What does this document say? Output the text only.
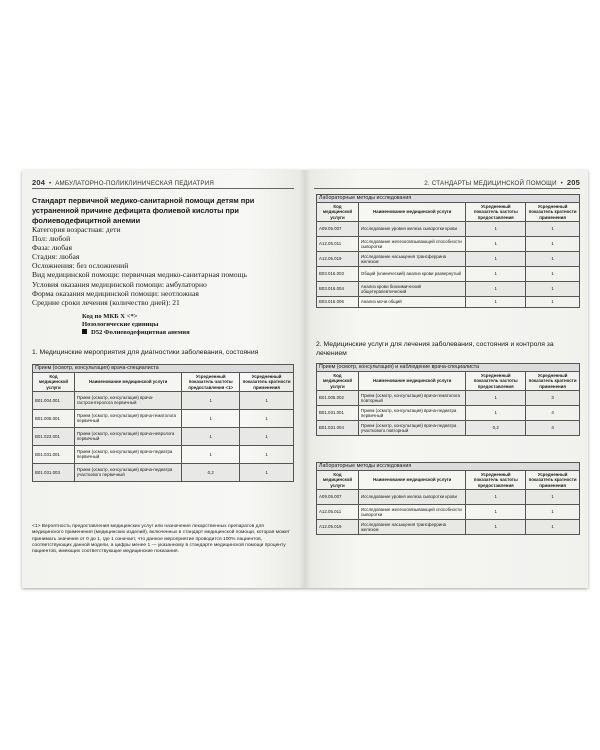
204  •  АМБУЛАТОРНО-ПОЛИКЛИНИЧЕСКАЯ ПЕДИАТРИЯ
Стандарт первичной медико-санитарной помощи детям при устраненной причине дефицита фолиевой кислоты при фолиеводефицитной анемии
Категория возрастная: дети
Пол: любой
Фаза: любая
Стадия: любая
Осложнения: без осложнений
Вид медицинской помощи: первичная медико-санитарная помощь
Условия оказания медицинской помощи: амбулаторно
Форма оказания медицинской помощи: неотложная
Средние сроки лечения (количество дней): 21
Код по МКБ X <*>
Нозологические единицы
D52 Фолиеводефицитная анемия
1. Медицинские мероприятия для диагностики заболевания, состояния
Прием (осмотр, консультация) врача-специалиста			
Код медицинской услуги	Наименование медицинской услуги	Усредненный показатель частоты предоставления <1>	Усредненный показатель кратности применения
B01.004.001	Прием (осмотр, консультация) врача-гастроэнтеролога первичный	1	1
B01.005.001	Прием (осмотр, консультация) врача-гематолога первичный	1	1
B01.023.001	Прием (осмотр, консультация) врача-невролога первичный	1	1
B01.031.001	Прием (осмотр, консультация) врача-педиатра первичный	1	1
B01.031.003	Прием (осмотр, консультация) врача-педиатра участкового первичный	0,2	1

<1> Вероятность предоставления медицинских услуг или назначения лекарственных препаратов для медицинского применения (медицинских изделий), включенных в стандарт медицинской помощи, которая может принимать значения от 0 до 1, где 1 означает, что данное мероприятие проводится 100% пациентов, соответствующих данной модели, а цифры менее 1 — указанному в стандарте медицинской помощи проценту пациентов, имеющих соответствующие медицинские показания.

2. СТАНДАРТЫ МЕДИЦИНСКОЙ ПОМОЩИ  •  205
Лабораторные методы исследования			
Код медицинской услуги	Наименование медицинской услуги	Усредненный показатель частоты предоставления	Усредненный показатель кратности применения
A09.05.007	Исследование уровня железа сыворотки крови	1	1
A12.05.011	Исследование железосвязывающей способности сыворотки	1	1
A12.05.019	Исследование насыщения трансферрина железом	1	1
B03.016.003	Общий (клинический) анализ крови развернутый	1	1
B03.016.004	Анализ крови биохимический общетерапевтический	1	1
B03.016.006	Анализ мочи общий	1	1
2. Медицинские услуги для лечения заболевания, состояния и контроля за лечением
Прием (осмотр, консультация) и наблюдение врача-специалиста			
Код медицинской услуги	Наименование медицинской услуги	Усредненный показатель частоты предоставления	Усредненный показатель кратности применения
B01.005.002	Прием (осмотр, консультация) врача-гематолога повторный	1	3
B01.031.001	Прием (осмотр, консультация) врача-педиатра первичный	1	4
B01.031.004	Прием (осмотр, консультация) врача-педиатра участкового повторный	0,2	4
Лабораторные методы исследования			
Код медицинской услуги	Наименование медицинской услуги	Усредненный показатель частоты предоставления	Усредненный показатель кратности применения
A09.05.007	Исследование уровня железа сыворотки крови	1	1
A12.05.011	Исследование железосвязывающей способности сыворотки	1	1
A12.05.019	Исследование насыщения трансферрина железом	1	1
